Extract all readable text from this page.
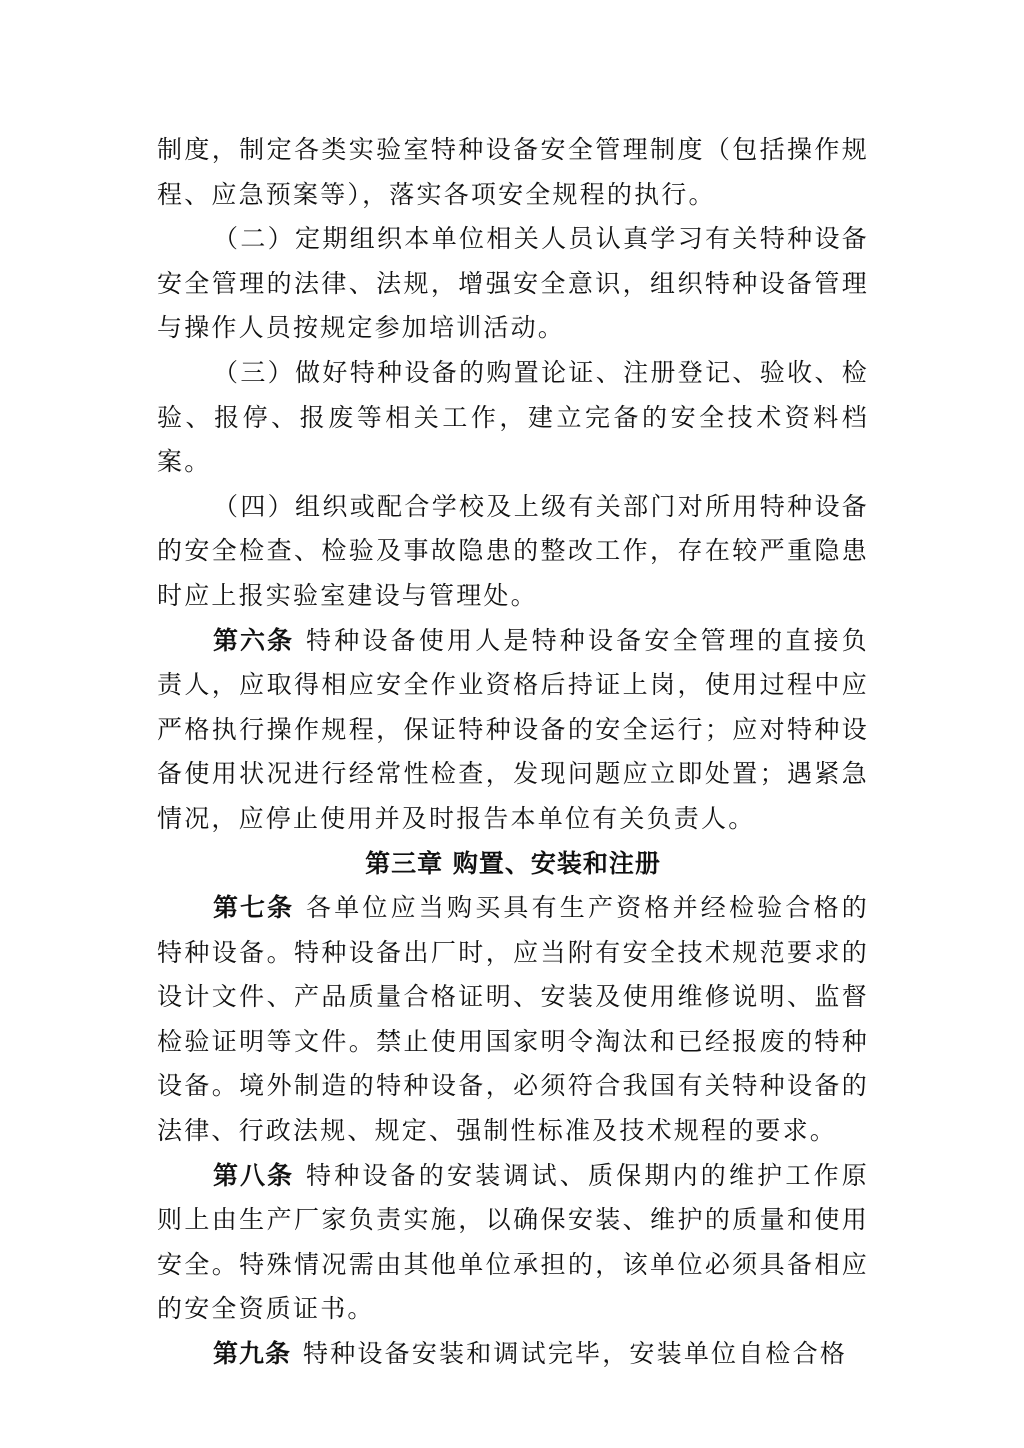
制度，制定各类实验室特种设备安全管理制度（包括操作规程、应急预案等），落实各项安全规程的执行。

（二）定期组织本单位相关人员认真学习有关特种设备安全管理的法律、法规，增强安全意识，组织特种设备管理与操作人员按规定参加培训活动。

（三）做好特种设备的购置论证、注册登记、验收、检验、报停、报废等相关工作，建立完备的安全技术资料档案。

（四）组织或配合学校及上级有关部门对所用特种设备的安全检查、检验及事故隐患的整改工作，存在较严重隐患时应上报实验室建设与管理处。

第六条 特种设备使用人是特种设备安全管理的直接负责人，应取得相应安全作业资格后持证上岗，使用过程中应严格执行操作规程，保证特种设备的安全运行；应对特种设备使用状况进行经常性检查，发现问题应立即处置；遇紧急情况，应停止使用并及时报告本单位有关负责人。

第三章 购置、安装和注册

第七条 各单位应当购买具有生产资格并经检验合格的特种设备。特种设备出厂时，应当附有安全技术规范要求的设计文件、产品质量合格证明、安装及使用维修说明、监督检验证明等文件。禁止使用国家明令淘汰和已经报废的特种设备。境外制造的特种设备，必须符合我国有关特种设备的法律、行政法规、规定、强制性标准及技术规程的要求。

第八条 特种设备的安装调试、质保期内的维护工作原则上由生产厂家负责实施，以确保安装、维护的质量和使用安全。特殊情况需由其他单位承担的，该单位必须具备相应的安全资质证书。

第九条 特种设备安装和调试完毕，安装单位自检合格
